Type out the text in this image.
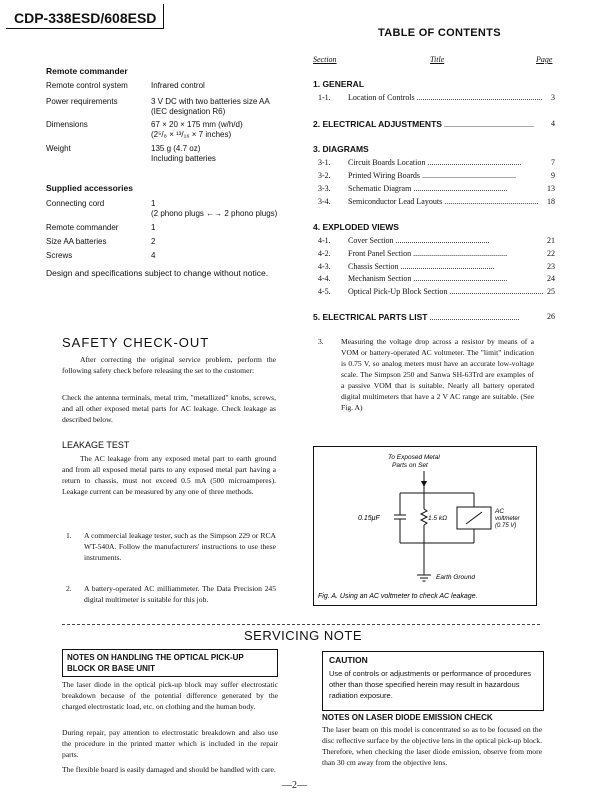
CDP-338ESD/608ESD
TABLE OF CONTENTS
Remote commander
Remote control system	Infrared control
Power requirements	3 V DC with two batteries size AA
(IEC designation R6)
Dimensions	67 × 20 × 175 mm (w/h/d)
(2⁵/₈ × ¹³/₁₆ × 7 inches)
Weight	135 g (4.7 oz)
Including batteries
Supplied accessories
Connecting cord	1
(2 phono plugs ←→ 2 phono plugs)
Remote commander	1
Size AA batteries	2
Screws	4
Design and specifications subject to change without notice.
Section	Title	Page
1. GENERAL
1-1. Location of Controls ............................................................... 3
2. ELECTRICAL ADJUSTMENTS ............................................. 4
3. DIAGRAMS
3-1. Circuit Boards Location ...............................................	7
3-2. Printed Wiring Boards ...............................................	9
3-3. Schematic Diagram ...............................................	13
3-4. Semiconductor Lead Layouts ............................................... 18
4. EXPLODED VIEWS
4-1. Cover Section ...............................................	21
4-2. Front Panel Section ...............................................	22
4-3. Chassis Section ...............................................	23
4-4. Mechanism Section ...............................................	24
4-5. Optical Pick-Up Block Section ............................................... 25
5. ELECTRICAL PARTS LIST .............................................	26
SAFETY CHECK-OUT
After correcting the original service problem, perform the following safety check before releasing the set to the customer:
Check the antenna terminals, metal trim, "metallized" knobs, screws, and all other exposed metal parts for AC leakage. Check leakage as described below.
LEAKAGE TEST
The AC leakage from any exposed metal part to earth ground and from all exposed metal parts to any exposed metal part having a return to chassis, must not exceed 0.5 mA (500 microamperes). Leakage current can be measured by any one of three methods.
1. A commercial leakage tester, such as the Simpson 229 or RCA WT-540A. Follow the manufacturers' instructions to use these instruments.
2. A battery-operated AC milliammeter. The Data Precision 245 digital multimeter is suitable for this job.
3. Measuring the voltage drop across a resistor by means of a VOM or battery-operated AC voltmeter. The "limit" indication is 0.75 V, so analog meters must have an accurate low-voltage scale. The Simpson 250 and Sanwa SH-63Trd are examples of a passive VOM that is suitable. Nearly all battery operated digital multimeters that have a 2 V AC range are suitable. (See Fig. A)
To Exposed Metal
Parts on Set
0.15μF	1.5 kΩ
AC
voltmeter
(0.75 V)
Earth Ground
Fig. A. Using an AC voltmeter to check AC leakage.
SERVICING NOTE
NOTES ON HANDLING THE OPTICAL PICK-UP BLOCK OR BASE UNIT
The laser diode in the optical pick-up block may suffer electrostatic breakdown because of the potential difference generated by the charged electrostatic load, etc. on clothing and the human body.
During repair, pay attention to electrostatic breakdown and also use the procedure in the printed matter which is included in the repair parts.
The flexible board is easily damaged and should be handled with care.
CAUTION
Use of controls or adjustments or performance of procedures other than those specified herein may result in hazardous radiation exposure.
NOTES ON LASER DIODE EMISSION CHECK
The laser beam on this model is concentrated so as to be focused on the disc reflective surface by the objective lens in the optical pick-up block. Therefore, when checking the laser diode emission, observe from more than 30 cm away from the objective lens.
—2—
